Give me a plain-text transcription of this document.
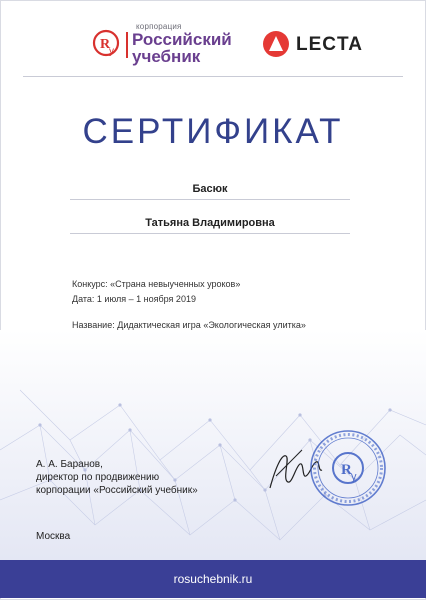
R
y
корпорация
Российский
учебник
LECTA
СЕРТИФИКАТ
Басюк
Татьяна Владимировна
Конкурс: «Страна невыученных уроков»
Дата: 1 июля – 1 ноября 2019
Название: Дидактическая игра «Экологическая улитка»
А. А. Баранов,
директор по продвижению
корпорации «Российский учебник»
Москва
R y
rosuchebnik.ru
